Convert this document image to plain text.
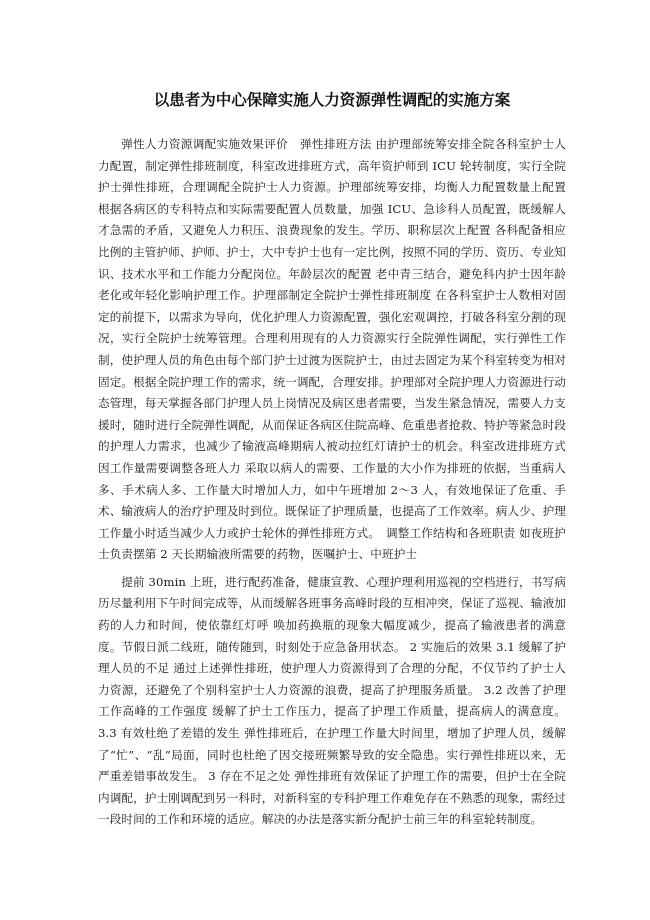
以患者为中心保障实施人力资源弹性调配的实施方案

弹性人力资源调配实施效果评价　弹性排班方法 由护理部统筹安排全院各科室护士人力配置，制定弹性排班制度，科室改进排班方式，高年资护师到 ICU 轮转制度，实行全院护士弹性排班，合理调配全院护士人力资源。护理部统筹安排，均衡人力配置数量上配置 根据各病区的专科特点和实际需要配置人员数量，加强 ICU、急诊科人员配置，既缓解人才急需的矛盾，又避免人力积压、浪费现象的发生。学历、职称层次上配置 各科配备相应比例的主管护师、护师、护士，大中专护士也有一定比例，按照不同的学历、资历、专业知识、技术水平和工作能力分配岗位。年龄层次的配置 老中青三结合，避免科内护士因年龄老化或年轻化影响护理工作。护理部制定全院护士弹性排班制度 在各科室护士人数相对固定的前提下，以需求为导向，优化护理人力资源配置，强化宏观调控，打破各科室分割的现况，实行全院护士统筹管理。合理利用现有的人力资源实行全院弹性调配，实行弹性工作制，使护理人员的角色由每个部门护士过渡为医院护士，由过去固定为某个科室转变为相对固定。根据全院护理工作的需求，统一调配，合理安排。护理部对全院护理人力资源进行动态管理，每天掌握各部门护理人员上岗情况及病区患者需要，当发生紧急情况，需要人力支援时，随时进行全院弹性调配，从而保证各病区住院高峰、危重患者抢救、特护等紧急时段的护理人力需求，也减少了输液高峰期病人被动拉红灯请护士的机会。科室改进排班方式 因工作量需要调整各班人力 采取以病人的需要、工作量的大小作为排班的依据，当重病人多、手术病人多、工作量大时增加人力，如中午班增加 2～3 人，有效地保证了危重、手术、输液病人的治疗护理及时到位。既保证了护理质量，也提高了工作效率。病人少、护理工作量小时适当减少人力或护士轮休的弹性排班方式。　调整工作结构和各班职责 如夜班护士负责摆第 2 天长期输液所需要的药物，医嘱护士、中班护士

提前 30min 上班，进行配药准备，健康宣教、心理护理利用巡视的空档进行，书写病历尽量利用下午时间完成等，从而缓解各班事务高峰时段的互相冲突，保证了巡视、输液加药的人力和时间，使依靠红灯呼 唤加药换瓶的现象大幅度减少，提高了输液患者的满意度。节假日派二线班，随传随到，时刻处于应急备用状态。 2 实施后的效果 3.1 缓解了护理人员的不足 通过上述弹性排班，使护理人力资源得到了合理的分配，不仅节约了护士人力资源，还避免了个别科室护士人力资源的浪费，提高了护理服务质量。 3.2 改善了护理工作高峰的工作强度 缓解了护士工作压力，提高了护理工作质量，提高病人的满意度。 3.3 有效杜绝了差错的发生 弹性排班后，在护理工作量大时间里，增加了护理人员，缓解了“忙”、“乱”局面，同时也杜绝了因交接班频繁导致的安全隐患。实行弹性排班以来，无严重差错事故发生。 3 存在不足之处 弹性排班有效保证了护理工作的需要，但护士在全院内调配，护士刚调配到另一科时，对新科室的专科护理工作难免存在不熟悉的现象，需经过一段时间的工作和环境的适应。解决的办法是落实新分配护士前三年的科室轮转制度。
